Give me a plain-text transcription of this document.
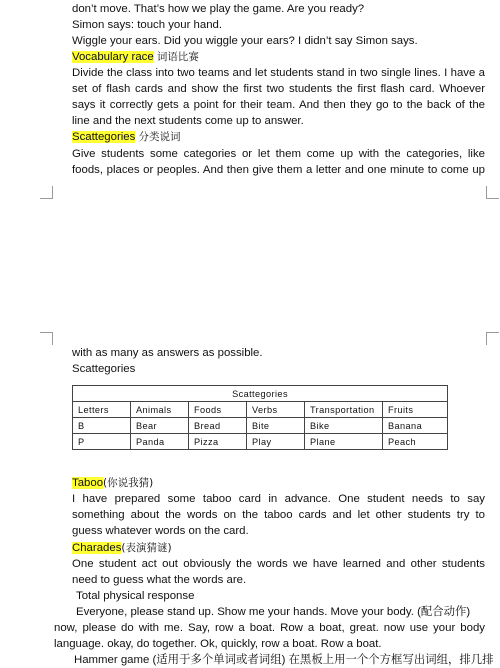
don’t move. That’s how we play the game. Are you ready?
Simon says: touch your hand.
Wiggle your ears. Did you wiggle your ears? I didn’t say Simon says.
Vocabulary race 词语比赛
Divide the class into two teams and let students stand in two single lines. I have a
set of flash cards and show the first two students the first flash card. Whoever
says it correctly gets a point for their team. And then they go to the back of the
line and the next students come up to answer.
Scattegories 分类说词
Give students some categories or let them come up with the categories, like
foods, places or peoples. And then give them a letter and one minute to come up
with as many as answers as possible.
Scattegories
Scattegories					
Letters	Animals	Foods	Verbs	Transportation	Fruits
B	Bear	Bread	Bite	Bike	Banana
P	Panda	Pizza	Play	Plane	Peach
Taboo(你说我猜)
I have prepared some taboo card in advance. One student needs to say
something about the words on the taboo cards and let other students try to
guess whatever words on the card.
Charades(表演猜谜)
One student act out obviously the words we have learned and other students
need to guess what the words are.
Total physical response
Everyone, please stand up. Show me your hands. Move your body. (配合动作)
now, please do with me. Say, row a boat. Row a boat, great. now use your body
language. okay, do together. Ok, quickly, row a boat. Row a boat.
Hammer game (适用于多个单词或者词组) 在黑板上用一个个方框写出词组，排几排
